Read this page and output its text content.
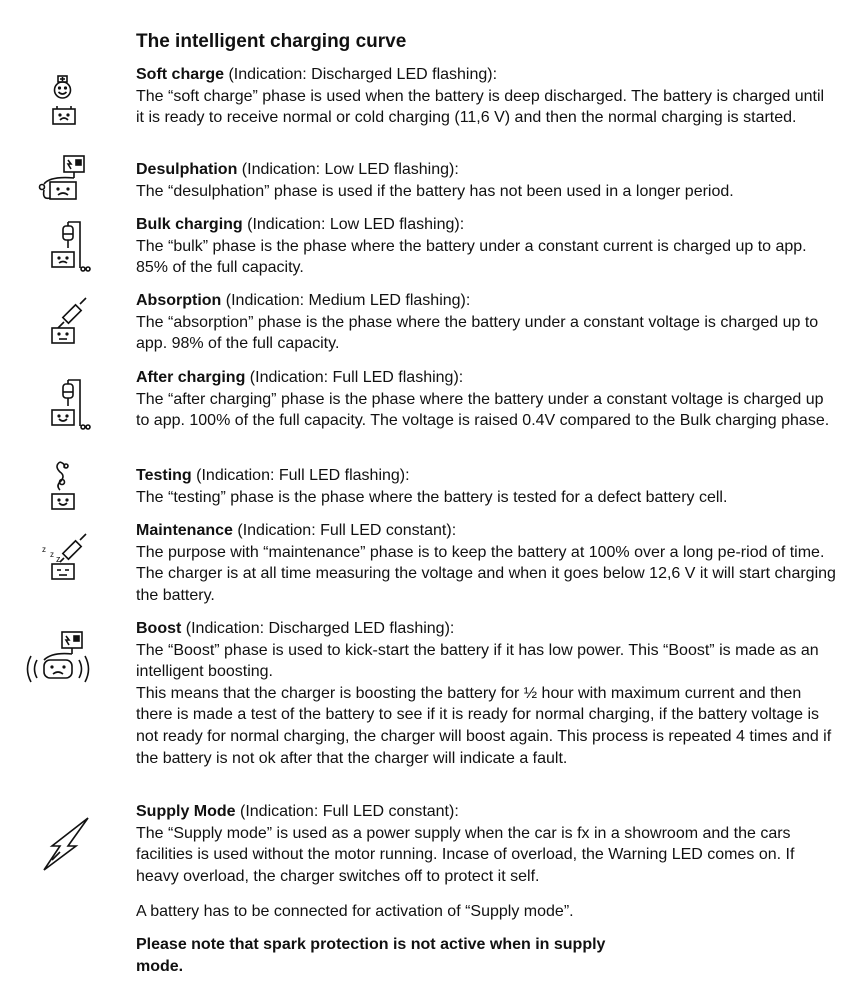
The intelligent charging curve

Soft charge (Indication: Discharged LED flashing):

The “soft charge” phase is used when the battery is deep discharged. The battery is charged until it is ready to receive normal or cold charging (11,6 V) and then the normal charging is started.

Desulphation (Indication: Low LED flashing):

The “desulphation” phase is used if the battery has not been used in a longer period.

Bulk charging (Indication: Low LED flashing):

The “bulk” phase is the phase where the battery under a constant current is charged up to app. 85% of the full capacity.

Absorption (Indication: Medium LED flashing):

The “absorption” phase is the phase where the battery under a constant voltage is charged up to app. 98% of the full capacity.

After charging (Indication: Full LED flashing):

The “after charging” phase is the phase where the battery under a constant voltage is charged up to app. 100% of the full capacity. The voltage is raised 0.4V compared to the Bulk charging phase.

Testing (Indication: Full LED flashing):

The “testing” phase is the phase where the battery is tested for a defect battery cell.

z
z z

Maintenance (Indication: Full LED constant):

The purpose with “maintenance” phase is to keep the battery at 100% over a long pe-riod of time. The charger is at all time measuring the voltage and when it goes below 12,6 V it will start charging the battery.

Boost (Indication: Discharged LED flashing):

The “Boost” phase is used to kick-start the battery if it has low power. This “Boost” is made as an intelligent boosting.

This means that the charger is boosting the battery for ½ hour with maximum current and then there is made a test of the battery to see if it is ready for normal charging, if the battery voltage is not ready for normal charging, the charger will boost again. This process is repeated 4 times and if the battery is not ok after that the charger will indicate a fault.

Supply Mode (Indication: Full LED constant):

The “Supply mode” is used as a power supply when the car is fx in a showroom and the cars facilities is used without the motor running. Incase of overload, the Warning LED comes on. If heavy overload, the charger switches off to protect it self.

A battery has to be connected for activation of “Supply mode”.

Please note that spark protection is not active when in supply mode.
